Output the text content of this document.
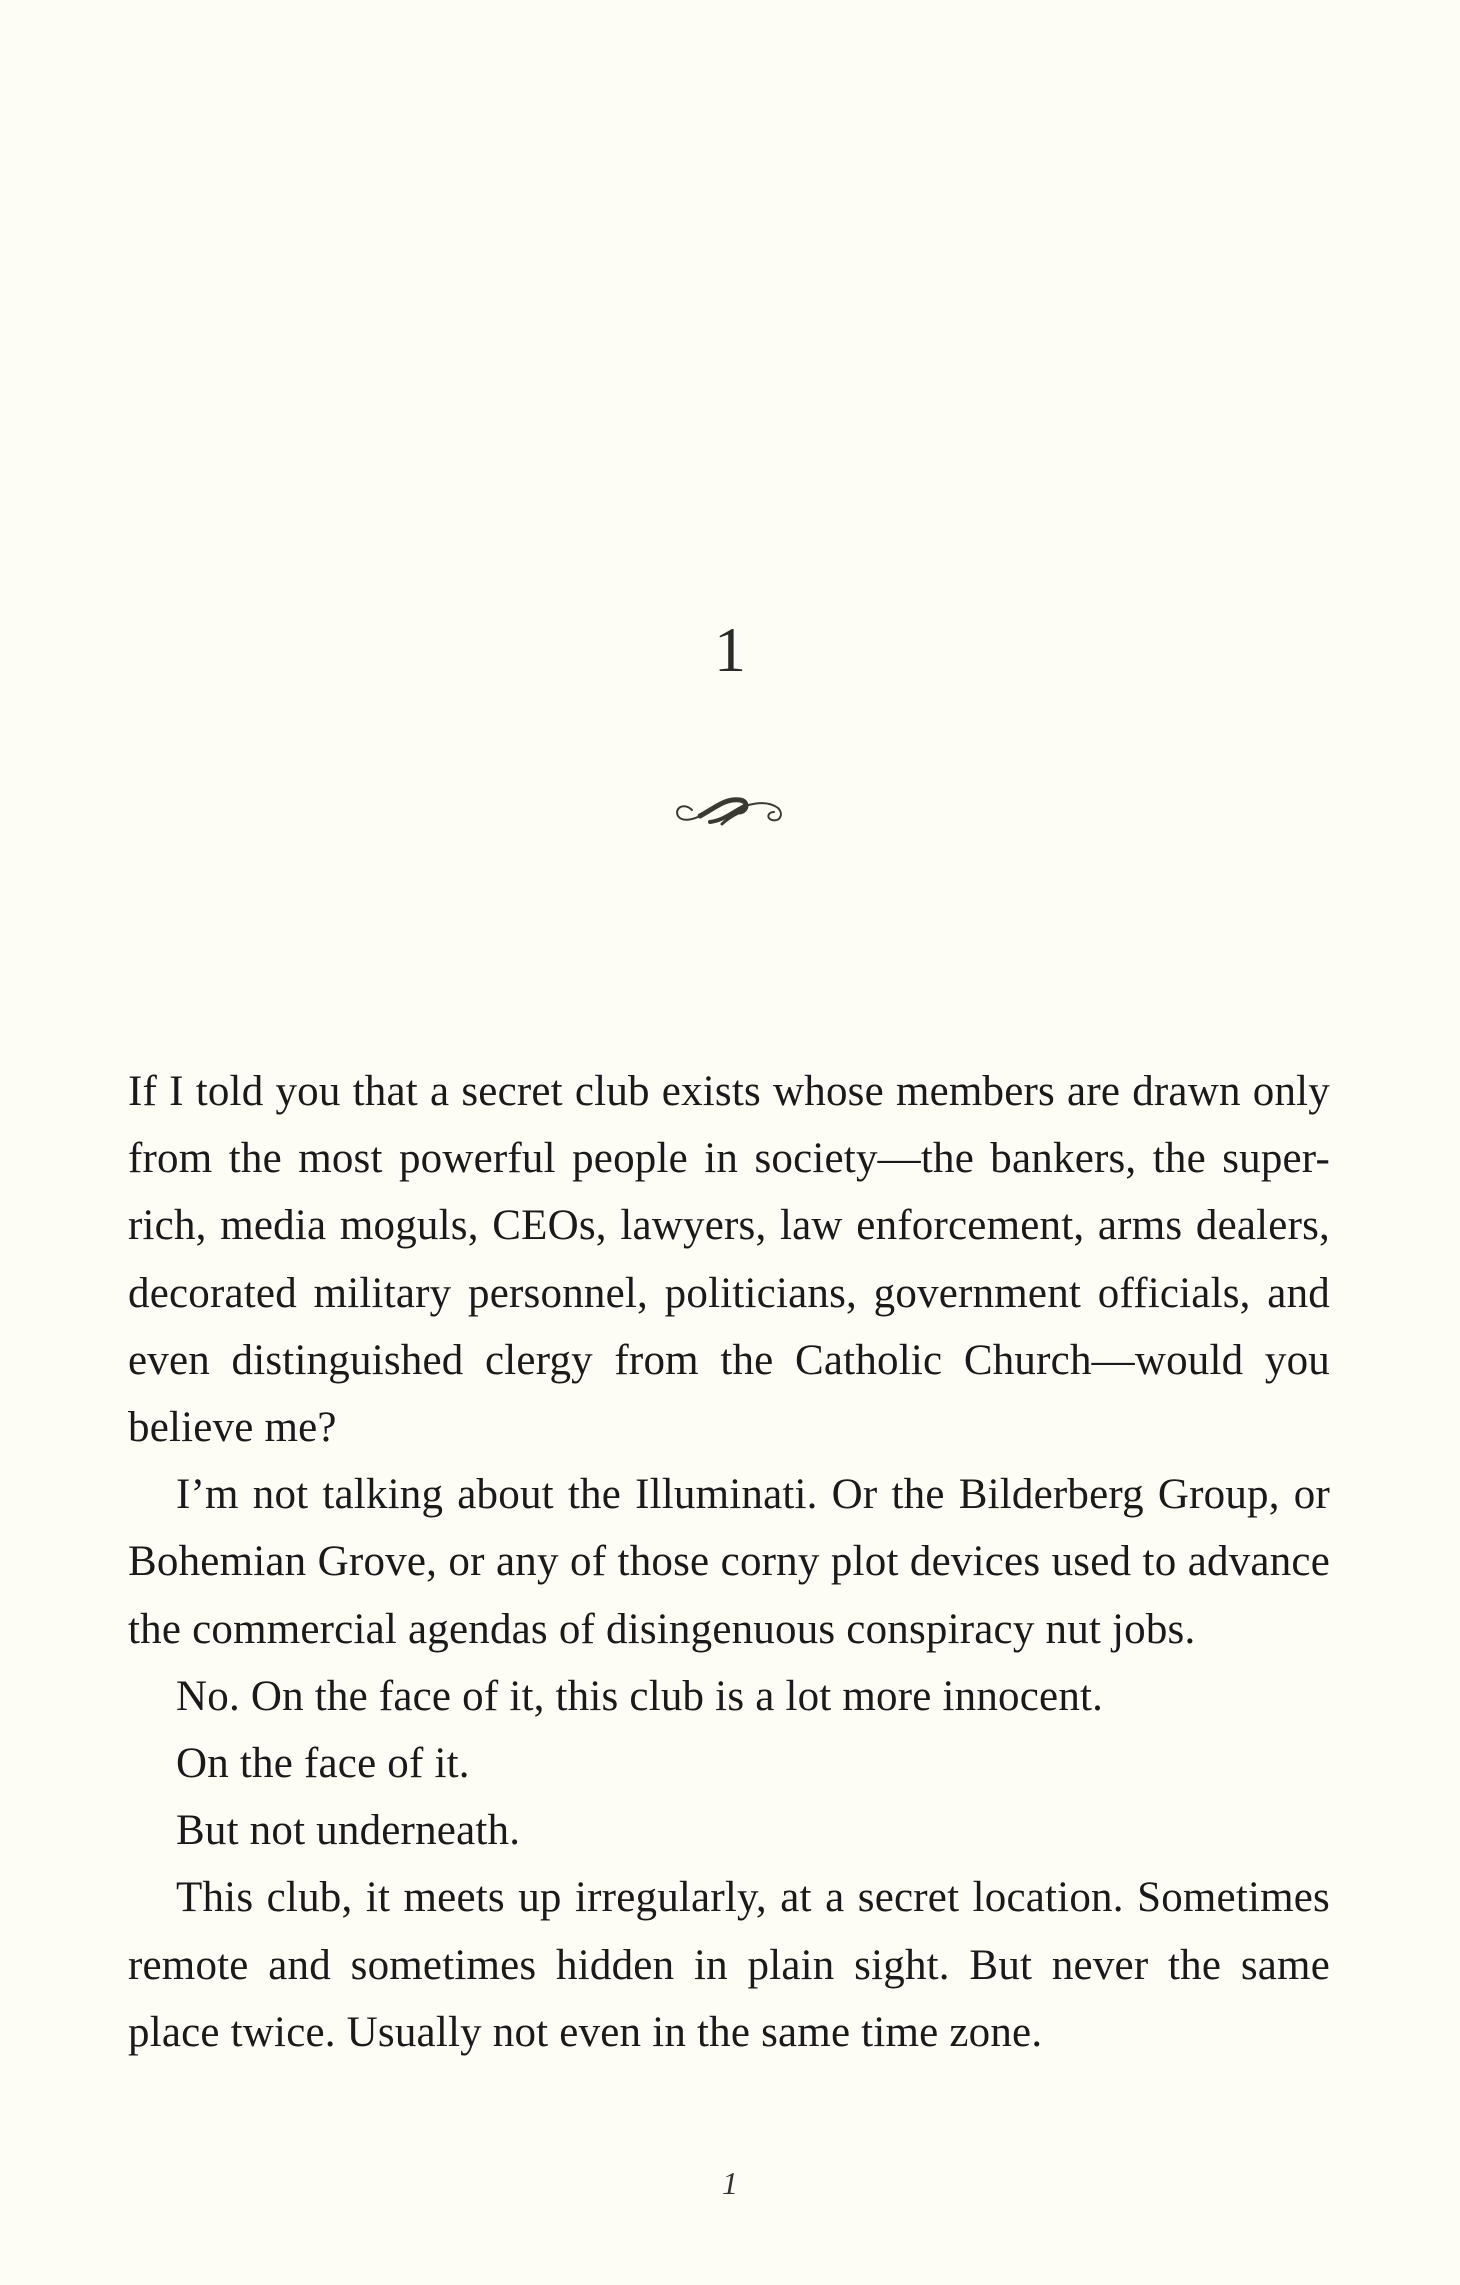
1

If I told you that a secret club exists whose members are drawn only from the most powerful people in society—the bankers, the super-rich, media moguls, CEOs, lawyers, law enforcement, arms dealers, decorated military personnel, politicians, government officials, and even distinguished clergy from the Catholic Church—would you believe me?

I’m not talking about the Illuminati. Or the Bilderberg Group, or Bohemian Grove, or any of those corny plot devices used to advance the commercial agendas of disingenuous conspiracy nut jobs.

No. On the face of it, this club is a lot more innocent.

On the face of it.

But not underneath.

This club, it meets up irregularly, at a secret location. Sometimes remote and sometimes hidden in plain sight. But never the same place twice. Usually not even in the same time zone.

1
